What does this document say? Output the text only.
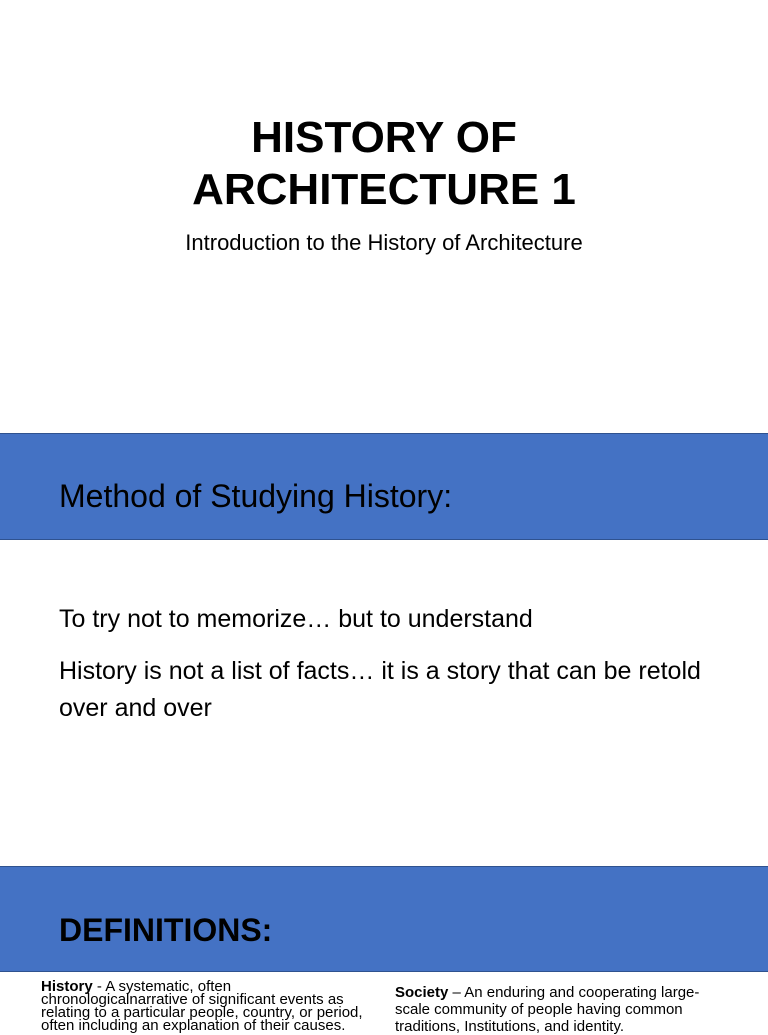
HISTORY OF
ARCHITECTURE 1
Introduction to the History of Architecture
Method of Studying History:
To try not to memorize… but to understand
History is not a list of facts… it is a story that can be retold over and over
DEFINITIONS:
History - A systematic, often chronologicalnarrative of significant events as relating to a particular people, country, or period, often including an explanation of their causes.
Society – An enduring and cooperating large-scale community of people having common traditions, Institutions, and identity.
